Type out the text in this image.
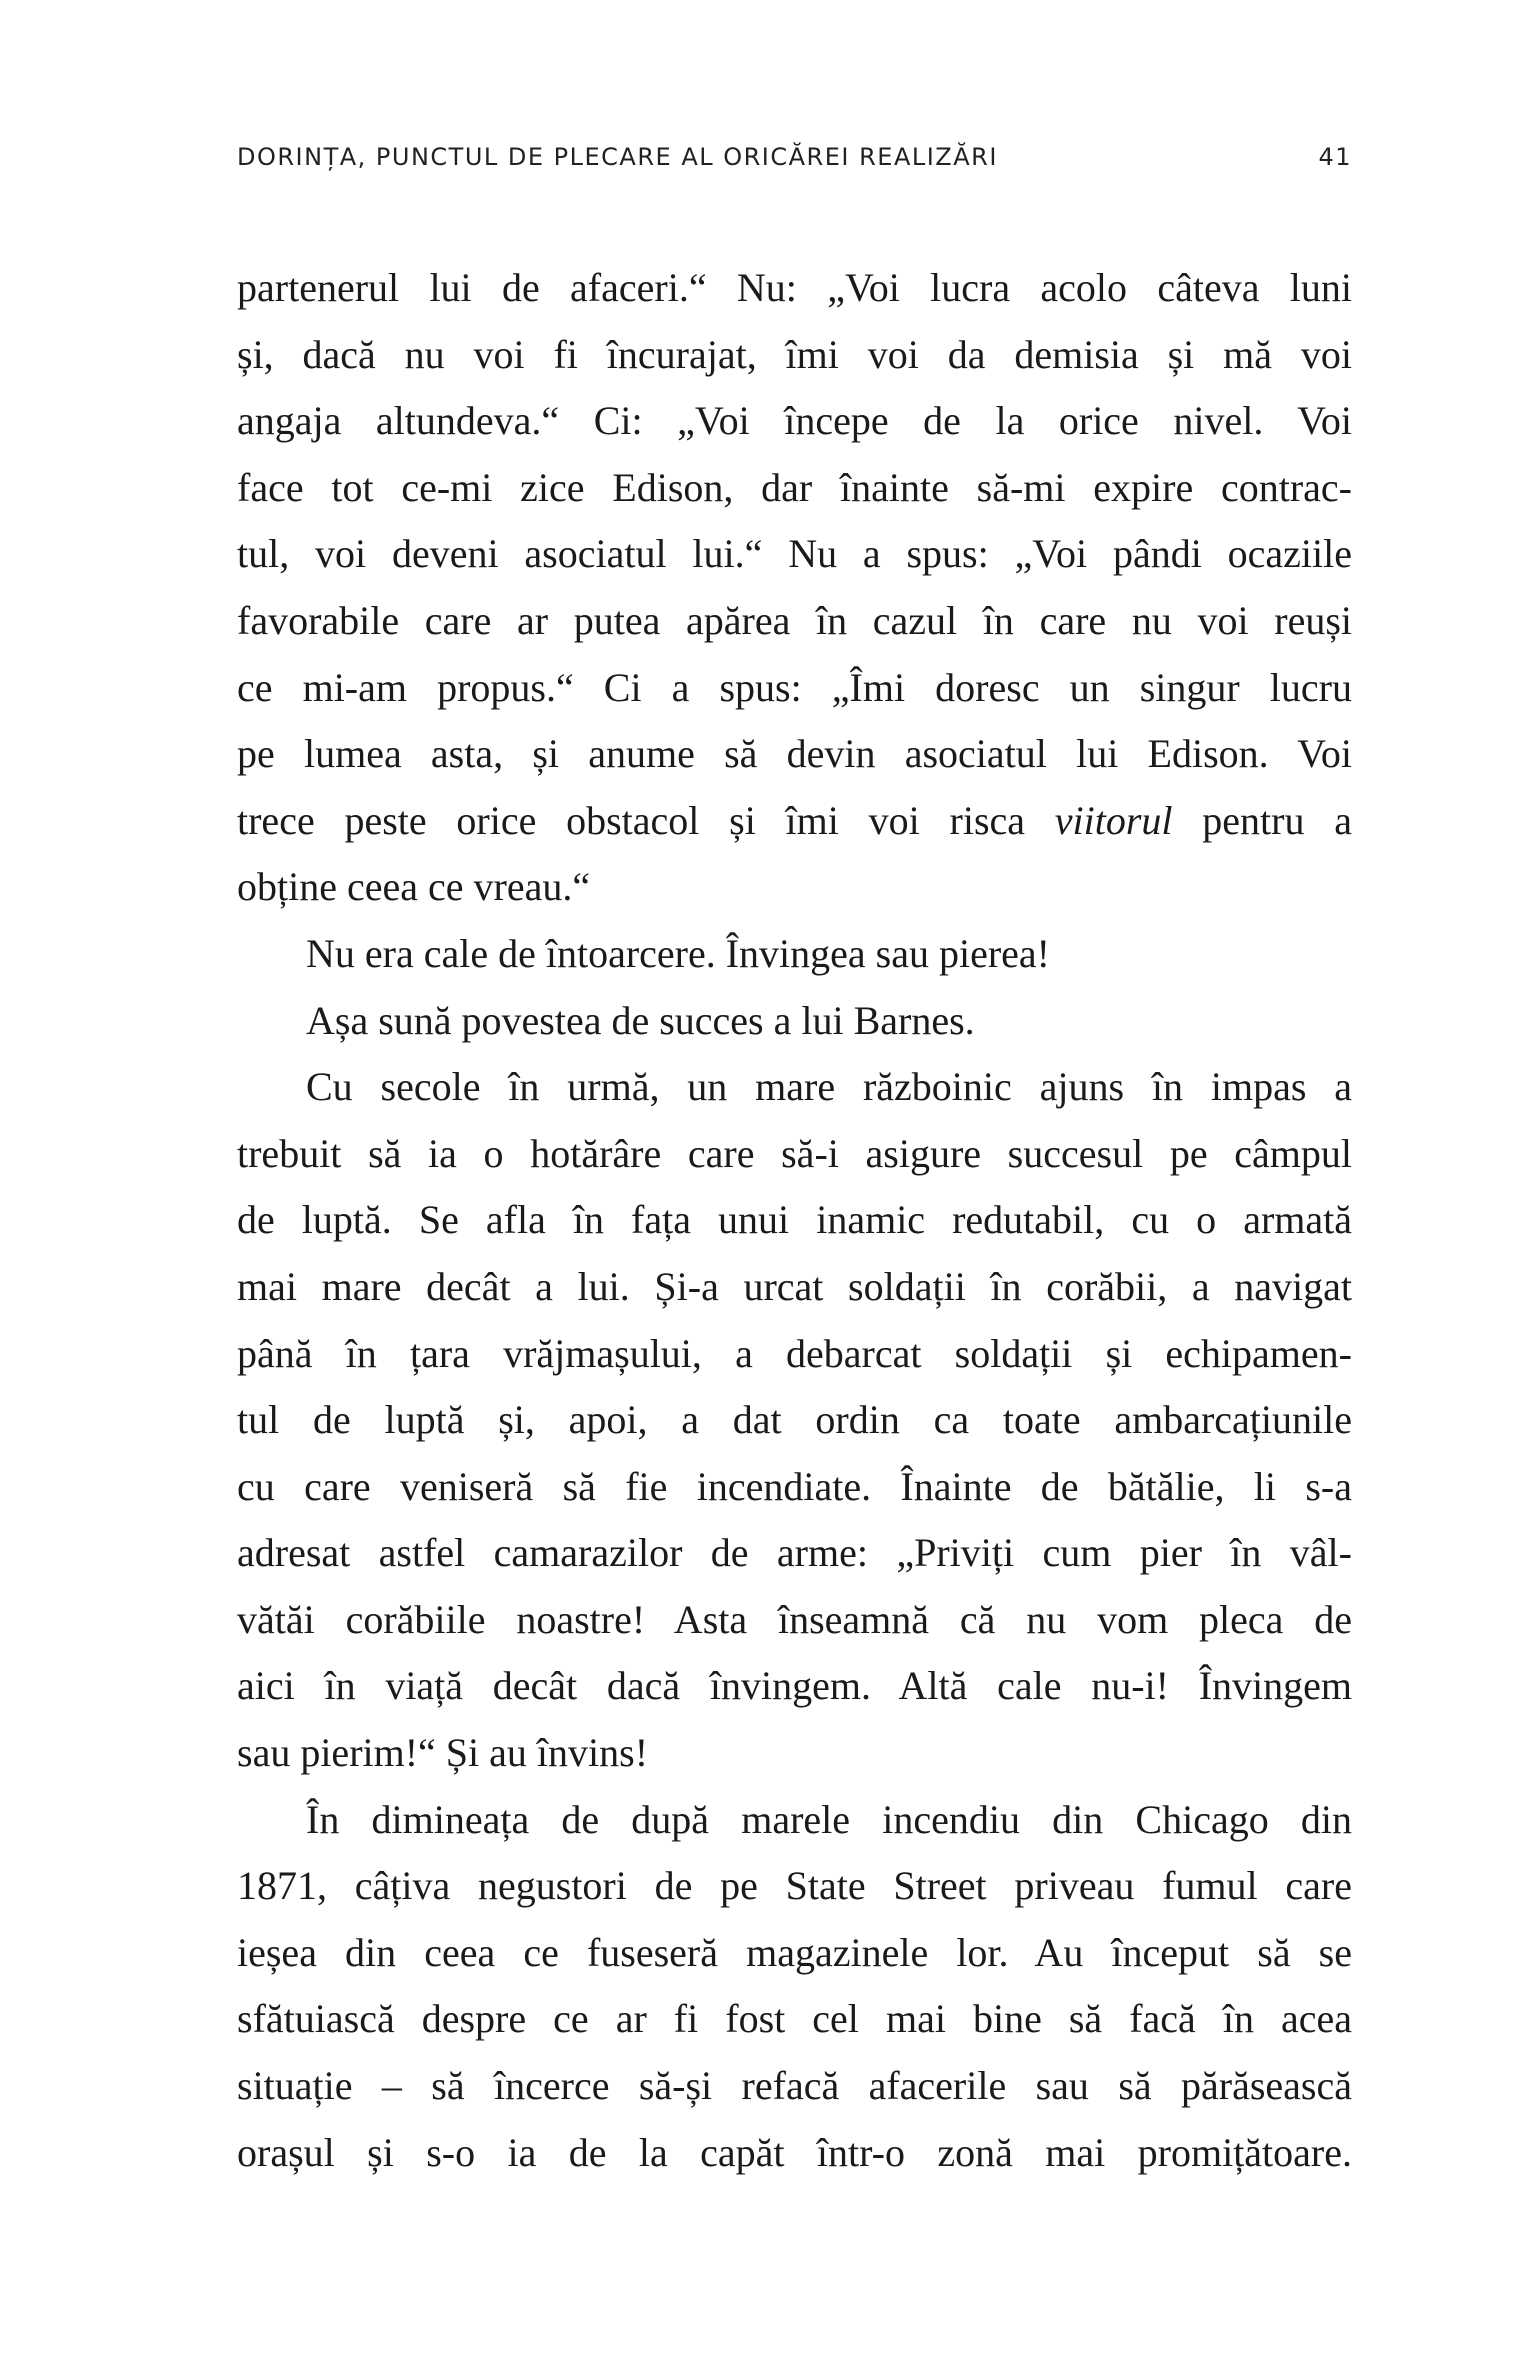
DORINȚA, PUNCTUL DE PLECARE AL ORICĂREI REALIZĂRI	41
partenerul lui de afaceri.“ Nu: „Voi lucra acolo câteva luni
și, dacă nu voi fi încurajat, îmi voi da demisia și mă voi
angaja altundeva.“ Ci: „Voi începe de la orice nivel. Voi
face tot ce-mi zice Edison, dar înainte să-mi expire contrac-
tul, voi deveni asociatul lui.“ Nu a spus: „Voi pândi ocaziile
favorabile care ar putea apărea în cazul în care nu voi reuși
ce mi-am propus.“ Ci a spus: „Îmi doresc un singur lucru
pe lumea asta, și anume să devin asociatul lui Edison. Voi
trece peste orice obstacol și îmi voi risca viitorul pentru a
obține ceea ce vreau.“
Nu era cale de întoarcere. Învingea sau pierea!
Așa sună povestea de succes a lui Barnes.
Cu secole în urmă, un mare războinic ajuns în impas a
trebuit să ia o hotărâre care să-i asigure succesul pe câmpul
de luptă. Se afla în fața unui inamic redutabil, cu o armată
mai mare decât a lui. Și-a urcat soldații în corăbii, a navigat
până în țara vrăjmașului, a debarcat soldații și echipamen-
tul de luptă și, apoi, a dat ordin ca toate ambarcațiunile
cu care veniseră să fie incendiate. Înainte de bătălie, li s-a
adresat astfel camarazilor de arme: „Priviți cum pier în vâl-
vătăi corăbiile noastre! Asta înseamnă că nu vom pleca de
aici în viață decât dacă învingem. Altă cale nu-i! Învingem
sau pierim!“ Și au învins!
În dimineața de după marele incendiu din Chicago din
1871, câțiva negustori de pe State Street priveau fumul care
ieșea din ceea ce fuseseră magazinele lor. Au început să se
sfătuiască despre ce ar fi fost cel mai bine să facă în acea
situație – să încerce să-și refacă afacerile sau să părăsească
orașul și s-o ia de la capăt într-o zonă mai promițătoare.
